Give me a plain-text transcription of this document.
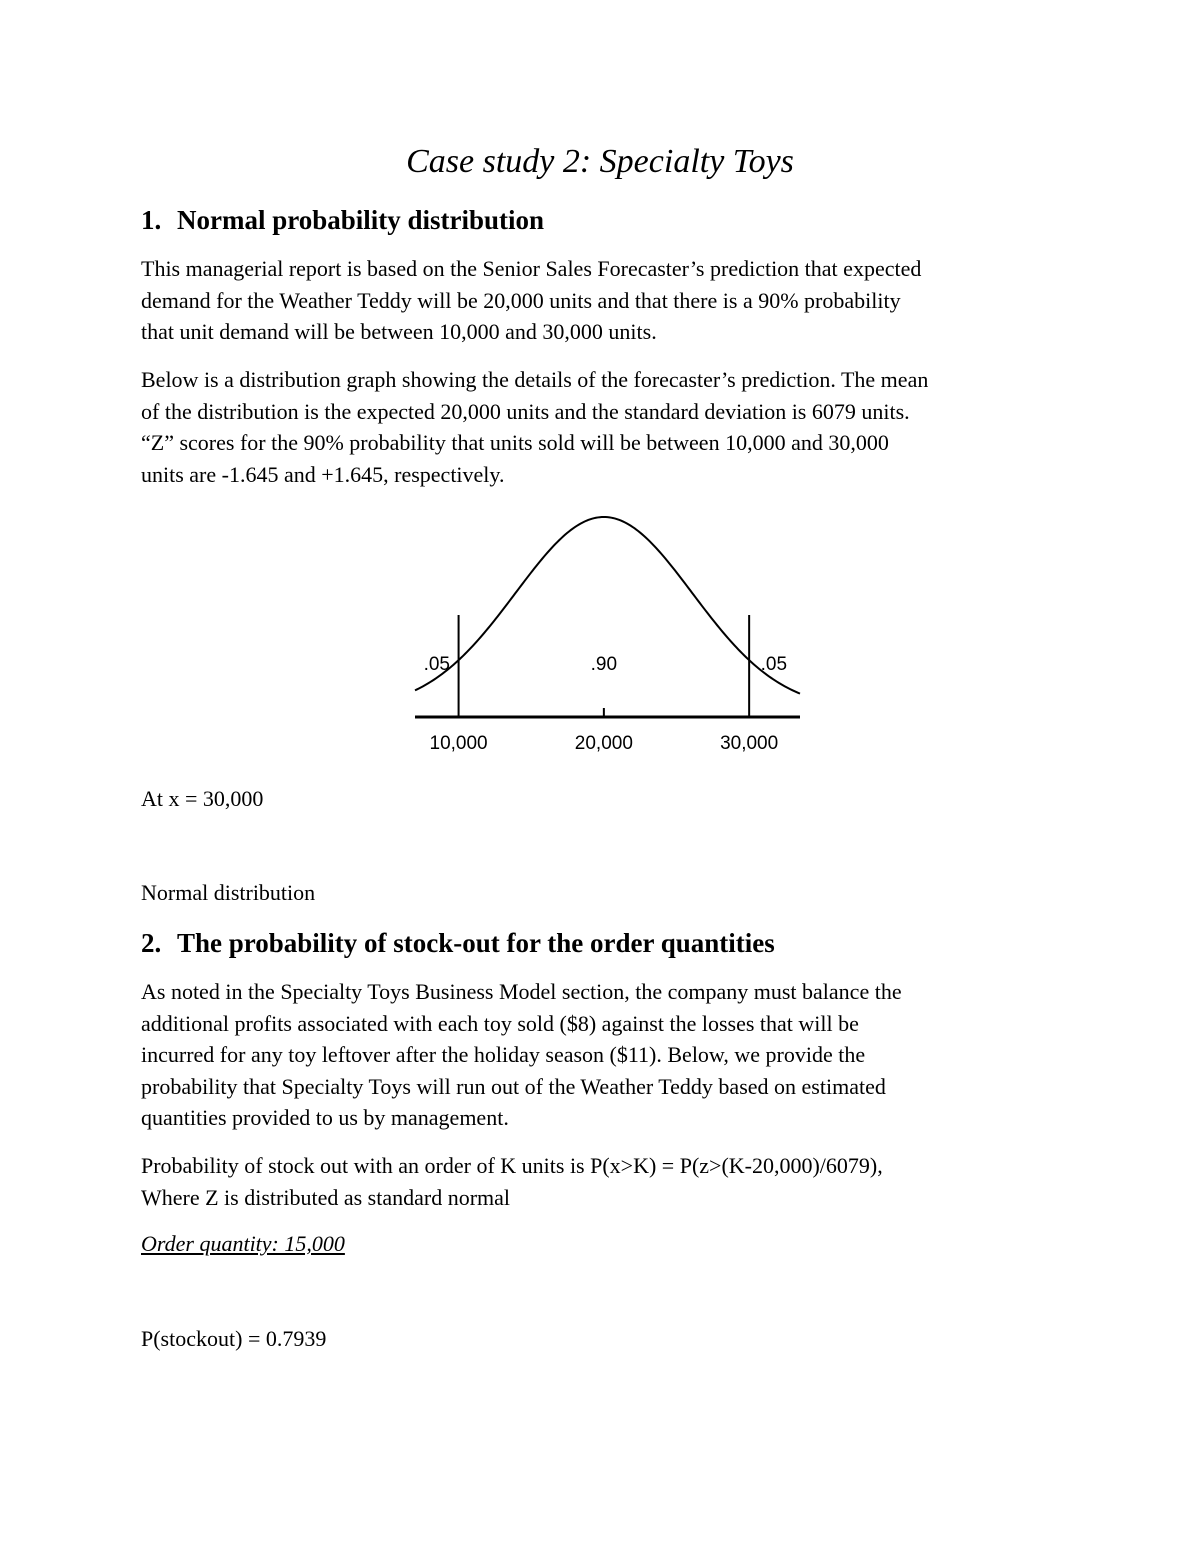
Case study 2: Specialty Toys
1. Normal probability distribution
This managerial report is based on the Senior Sales Forecaster’s prediction that expected
demand for the Weather Teddy will be 20,000 units and that there is a 90% probability
that unit demand will be between 10,000 and 30,000 units.
Below is a distribution graph showing the details of the forecaster’s prediction. The mean
of the distribution is the expected 20,000 units and the standard deviation is 6079 units.
“Z” scores for the 90% probability that units sold will be between 10,000 and 30,000
units are -1.645 and +1.645, respectively.
10,000	20,000	30,000
.05	.90	.05
At x = 30,000
Normal distribution
2. The probability of stock-out for the order quantities
As noted in the Specialty Toys Business Model section, the company must balance the
additional profits associated with each toy sold ($8) against the losses that will be
incurred for any toy leftover after the holiday season ($11). Below, we provide the
probability that Specialty Toys will run out of the Weather Teddy based on estimated
quantities provided to us by management.
Probability of stock out with an order of K units is P(x>K) = P(z>(K-20,000)/6079),
Where Z is distributed as standard normal
Order quantity: 15,000
P(stockout) = 0.7939
